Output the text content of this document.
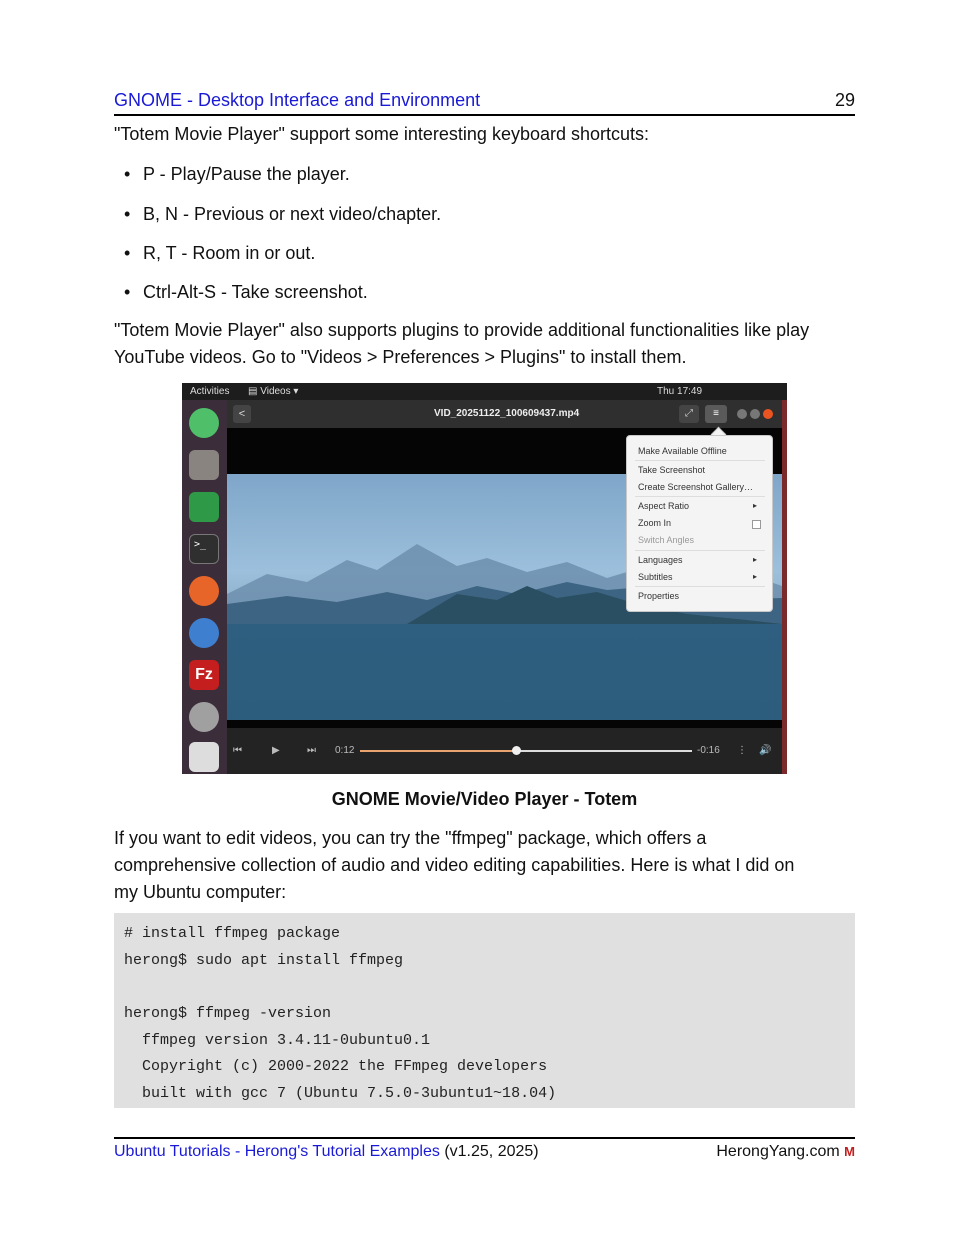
GNOME - Desktop Interface and Environment	29
"Totem Movie Player" support some interesting keyboard shortcuts:
• P - Play/Pause the player.
• B, N - Previous or next video/chapter.
• R, T - Room in or out.
• Ctrl-Alt-S - Take screenshot.
"Totem Movie Player" also supports plugins to provide additional functionalities like play
YouTube videos. Go to "Videos > Preferences > Plugins" to install them.
Activities ▤ Videos ▾	Thu 17:49
>_
Fz
<	VID_20251122_100609437.mp4	⤢	≡
⏮	▶	⏭ 0:12	-0:16 ⋮ 🔊
Make Available Offline
Take Screenshot
Create Screenshot Gallery…
Aspect Ratio	▸
Zoom In
Switch Angles
Languages	▸
Subtitles	▸
Properties
GNOME Movie/Video Player - Totem
If you want to edit videos, you can try the "ffmpeg" package, which offers a
comprehensive collection of audio and video editing capabilities. Here is what I did on
my Ubuntu computer:
# install ffmpeg package
herong$ sudo apt install ffmpeg
herong$ ffmpeg -version
ffmpeg version 3.4.11-0ubuntu0.1
Copyright (c) 2000-2022 the FFmpeg developers
built with gcc 7 (Ubuntu 7.5.0-3ubuntu1~18.04)
Ubuntu Tutorials - Herong's Tutorial Examples (v1.25, 2025)	HerongYang.com M
